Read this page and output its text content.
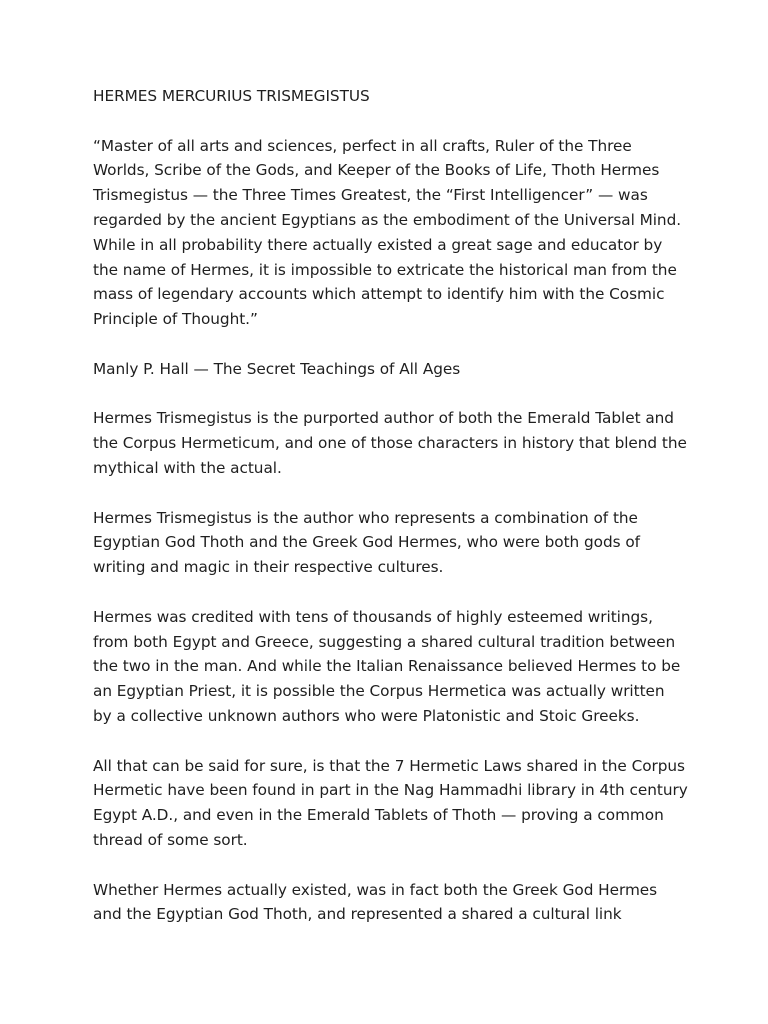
HERMES MERCURIUS TRISMEGISTUS

“Master of all arts and sciences, perfect in all crafts, Ruler of the Three
Worlds, Scribe of the Gods, and Keeper of the Books of Life, Thoth Hermes
Trismegistus — the Three Times Greatest, the “First Intelligencer” — was
regarded by the ancient Egyptians as the embodiment of the Universal Mind.
While in all probability there actually existed a great sage and educator by
the name of Hermes, it is impossible to extricate the historical man from the
mass of legendary accounts which attempt to identify him with the Cosmic
Principle of Thought.”

Manly P. Hall — The Secret Teachings of All Ages

Hermes Trismegistus is the purported author of both the Emerald Tablet and
the Corpus Hermeticum, and one of those characters in history that blend the
mythical with the actual.

Hermes Trismegistus is the author who represents a combination of the
Egyptian God Thoth and the Greek God Hermes, who were both gods of
writing and magic in their respective cultures.

Hermes was credited with tens of thousands of highly esteemed writings,
from both Egypt and Greece, suggesting a shared cultural tradition between
the two in the man. And while the Italian Renaissance believed Hermes to be
an Egyptian Priest, it is possible the Corpus Hermetica was actually written
by a collective unknown authors who were Platonistic and Stoic Greeks.

All that can be said for sure, is that the 7 Hermetic Laws shared in the Corpus
Hermetic have been found in part in the Nag Hammadhi library in 4th century
Egypt A.D., and even in the Emerald Tablets of Thoth — proving a common
thread of some sort.

Whether Hermes actually existed, was in fact both the Greek God Hermes
and the Egyptian God Thoth, and represented a shared a cultural link
